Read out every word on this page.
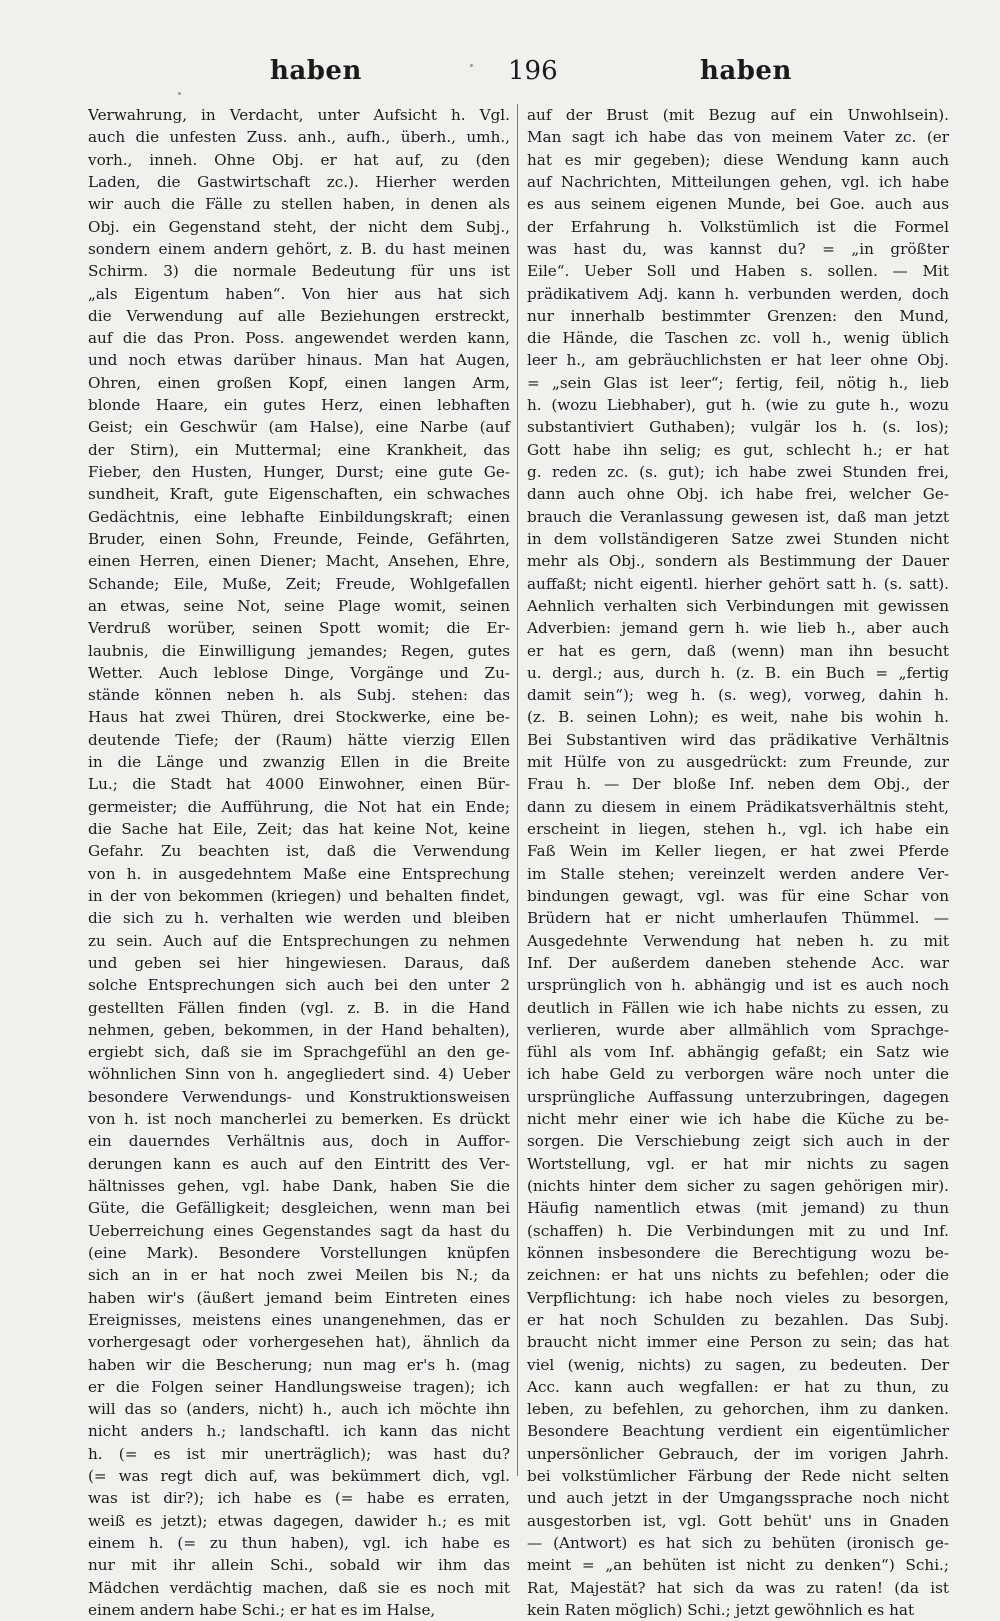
haben	196	haben
Verwahrung, in Verdacht, unter Aufsicht h. Vgl.
auch die unfesten Zuss. anh., aufh., überh., umh.,
vorh., inneh. Ohne Obj. er hat auf, zu (den
Laden, die Gastwirtschaft zc.). Hierher werden
wir auch die Fälle zu stellen haben, in denen als
Obj. ein Gegenstand steht, der nicht dem Subj.,
sondern einem andern gehört, z. B. du hast meinen
Schirm. 3) die normale Bedeutung für uns ist
„als Eigentum haben“. Von hier aus hat sich
die Verwendung auf alle Beziehungen erstreckt,
auf die das Pron. Poss. angewendet werden kann,
und noch etwas darüber hinaus. Man hat Augen,
Ohren, einen großen Kopf, einen langen Arm,
blonde Haare, ein gutes Herz, einen lebhaften
Geist; ein Geschwür (am Halse), eine Narbe (auf
der Stirn), ein Muttermal; eine Krankheit, das
Fieber, den Husten, Hunger, Durst; eine gute Ge-
sundheit, Kraft, gute Eigenschaften, ein schwaches
Gedächtnis, eine lebhafte Einbildungskraft; einen
Bruder, einen Sohn, Freunde, Feinde, Gefährten,
einen Herren, einen Diener; Macht, Ansehen, Ehre,
Schande; Eile, Muße, Zeit; Freude, Wohlgefallen
an etwas, seine Not, seine Plage womit, seinen
Verdruß worüber, seinen Spott womit; die Er-
laubnis, die Einwilligung jemandes; Regen, gutes
Wetter. Auch leblose Dinge, Vorgänge und Zu-
stände können neben h. als Subj. stehen: das
Haus hat zwei Thüren, drei Stockwerke, eine be-
deutende Tiefe; der (Raum) hätte vierzig Ellen
in die Länge und zwanzig Ellen in die Breite
Lu.; die Stadt hat 4000 Einwohner, einen Bür-
germeister; die Aufführung, die Not hat ein Ende;
die Sache hat Eile, Zeit; das hat keine Not, keine
Gefahr. Zu beachten ist, daß die Verwendung
von h. in ausgedehntem Maße eine Entsprechung
in der von bekommen (kriegen) und behalten findet,
die sich zu h. verhalten wie werden und bleiben
zu sein. Auch auf die Entsprechungen zu nehmen
und geben sei hier hingewiesen. Daraus, daß
solche Entsprechungen sich auch bei den unter 2
gestellten Fällen finden (vgl. z. B. in die Hand
nehmen, geben, bekommen, in der Hand behalten),
ergiebt sich, daß sie im Sprachgefühl an den ge-
wöhnlichen Sinn von h. angegliedert sind. 4) Ueber
besondere Verwendungs- und Konstruktionsweisen
von h. ist noch mancherlei zu bemerken. Es drückt
ein dauerndes Verhältnis aus, doch in Auffor-
derungen kann es auch auf den Eintritt des Ver-
hältnisses gehen, vgl. habe Dank, haben Sie die
Güte, die Gefälligkeit; desgleichen, wenn man bei
Ueberreichung eines Gegenstandes sagt da hast du
(eine Mark). Besondere Vorstellungen knüpfen
sich an in er hat noch zwei Meilen bis N.; da
haben wir's (äußert jemand beim Eintreten eines
Ereignisses, meistens eines unangenehmen, das er
vorhergesagt oder vorhergesehen hat), ähnlich da
haben wir die Bescherung; nun mag er's h. (mag
er die Folgen seiner Handlungsweise tragen); ich
will das so (anders, nicht) h., auch ich möchte ihn
nicht anders h.; landschaftl. ich kann das nicht
h. (= es ist mir unerträglich); was hast du?
(= was regt dich auf, was bekümmert dich, vgl.
was ist dir?); ich habe es (= habe es erraten,
weiß es jetzt); etwas dagegen, dawider h.; es mit
einem h. (= zu thun haben), vgl. ich habe es
nur mit ihr allein Schi., sobald wir ihm das
Mädchen verdächtig machen, daß sie es noch mit
einem andern habe Schi.; er hat es im Halse,
auf der Brust (mit Bezug auf ein Unwohlsein).
Man sagt ich habe das von meinem Vater zc. (er
hat es mir gegeben); diese Wendung kann auch
auf Nachrichten, Mitteilungen gehen, vgl. ich habe
es aus seinem eigenen Munde, bei Goe. auch aus
der Erfahrung h. Volkstümlich ist die Formel
was hast du, was kannst du? = „in größter
Eile“. Ueber Soll und Haben s. sollen. — Mit
prädikativem Adj. kann h. verbunden werden, doch
nur innerhalb bestimmter Grenzen: den Mund,
die Hände, die Taschen zc. voll h., wenig üblich
leer h., am gebräuchlichsten er hat leer ohne Obj.
= „sein Glas ist leer“; fertig, feil, nötig h., lieb
h. (wozu Liebhaber), gut h. (wie zu gute h., wozu
substantiviert Guthaben); vulgär los h. (s. los);
Gott habe ihn selig; es gut, schlecht h.; er hat
g. reden zc. (s. gut); ich habe zwei Stunden frei,
dann auch ohne Obj. ich habe frei, welcher Ge-
brauch die Veranlassung gewesen ist, daß man jetzt
in dem vollständigeren Satze zwei Stunden nicht
mehr als Obj., sondern als Bestimmung der Dauer
auffaßt; nicht eigentl. hierher gehört satt h. (s. satt).
Aehnlich verhalten sich Verbindungen mit gewissen
Adverbien: jemand gern h. wie lieb h., aber auch
er hat es gern, daß (wenn) man ihn besucht
u. dergl.; aus, durch h. (z. B. ein Buch = „fertig
damit sein“); weg h. (s. weg), vorweg, dahin h.
(z. B. seinen Lohn); es weit, nahe bis wohin h.
Bei Substantiven wird das prädikative Verhältnis
mit Hülfe von zu ausgedrückt: zum Freunde, zur
Frau h. — Der bloße Inf. neben dem Obj., der
dann zu diesem in einem Prädikatsverhältnis steht,
erscheint in liegen, stehen h., vgl. ich habe ein
Faß Wein im Keller liegen, er hat zwei Pferde
im Stalle stehen; vereinzelt werden andere Ver-
bindungen gewagt, vgl. was für eine Schar von
Brüdern hat er nicht umherlaufen Thümmel. —
Ausgedehnte Verwendung hat neben h. zu mit
Inf. Der außerdem daneben stehende Acc. war
ursprünglich von h. abhängig und ist es auch noch
deutlich in Fällen wie ich habe nichts zu essen, zu
verlieren, wurde aber allmählich vom Sprachge-
fühl als vom Inf. abhängig gefaßt; ein Satz wie
ich habe Geld zu verborgen wäre noch unter die
ursprüngliche Auffassung unterzubringen, dagegen
nicht mehr einer wie ich habe die Küche zu be-
sorgen. Die Verschiebung zeigt sich auch in der
Wortstellung, vgl. er hat mir nichts zu sagen
(nichts hinter dem sicher zu sagen gehörigen mir).
Häufig namentlich etwas (mit jemand) zu thun
(schaffen) h. Die Verbindungen mit zu und Inf.
können insbesondere die Berechtigung wozu be-
zeichnen: er hat uns nichts zu befehlen; oder die
Verpflichtung: ich habe noch vieles zu besorgen,
er hat noch Schulden zu bezahlen. Das Subj.
braucht nicht immer eine Person zu sein; das hat
viel (wenig, nichts) zu sagen, zu bedeuten. Der
Acc. kann auch wegfallen: er hat zu thun, zu
leben, zu befehlen, zu gehorchen, ihm zu danken.
Besondere Beachtung verdient ein eigentümlicher
unpersönlicher Gebrauch, der im vorigen Jahrh.
bei volkstümlicher Färbung der Rede nicht selten
und auch jetzt in der Umgangssprache noch nicht
ausgestorben ist, vgl. Gott behüt' uns in Gnaden
— (Antwort) es hat sich zu behüten (ironisch ge-
meint = „an behüten ist nicht zu denken“) Schi.;
Rat, Majestät? hat sich da was zu raten! (da ist
kein Raten möglich) Schi.; jetzt gewöhnlich es hat
